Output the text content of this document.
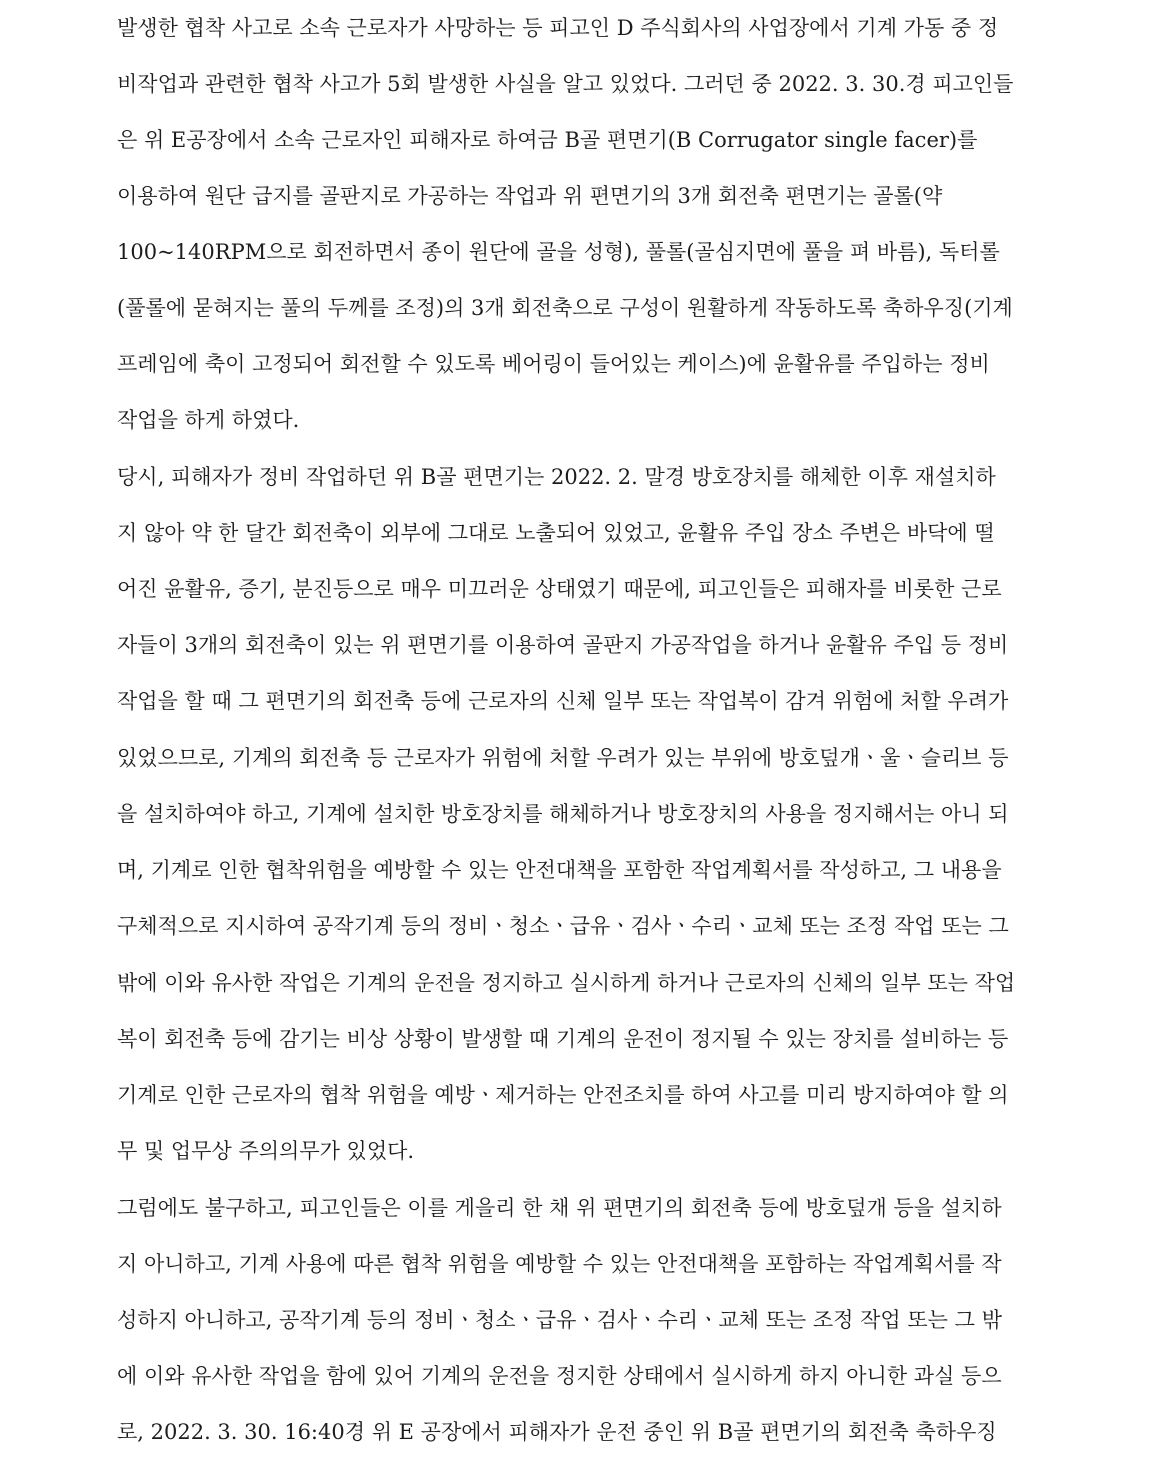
발생한 협착 사고로 소속 근로자가 사망하는 등 피고인 D 주식회사의 사업장에서 기계 가동 중 정
비작업과 관련한 협착 사고가 5회 발생한 사실을 알고 있었다. 그러던 중 2022. 3. 30.경 피고인들
은 위 E공장에서 소속 근로자인 피해자로 하여금 B골 편면기(B Corrugator single facer)를
이용하여 원단 급지를 골판지로 가공하는 작업과 위 편면기의 3개 회전축 편면기는 골롤(약
100~140RPM으로 회전하면서 종이 원단에 골을 성형), 풀롤(골심지면에 풀을 펴 바름), 독터롤
(풀롤에 묻혀지는 풀의 두께를 조정)의 3개 회전축으로 구성이 원활하게 작동하도록 축하우징(기계
프레임에 축이 고정되어 회전할 수 있도록 베어링이 들어있는 케이스)에 윤활유를 주입하는 정비
작업을 하게 하였다.
당시, 피해자가 정비 작업하던 위 B골 편면기는 2022. 2. 말경 방호장치를 해체한 이후 재설치하
지 않아 약 한 달간 회전축이 외부에 그대로 노출되어 있었고, 윤활유 주입 장소 주변은 바닥에 떨
어진 윤활유, 증기, 분진등으로 매우 미끄러운 상태였기 때문에, 피고인들은 피해자를 비롯한 근로
자들이 3개의 회전축이 있는 위 편면기를 이용하여 골판지 가공작업을 하거나 윤활유 주입 등 정비
작업을 할 때 그 편면기의 회전축 등에 근로자의 신체 일부 또는 작업복이 감겨 위험에 처할 우려가
있었으므로, 기계의 회전축 등 근로자가 위험에 처할 우려가 있는 부위에 방호덮개ㆍ울ㆍ슬리브 등
을 설치하여야 하고, 기계에 설치한 방호장치를 해체하거나 방호장치의 사용을 정지해서는 아니 되
며, 기계로 인한 협착위험을 예방할 수 있는 안전대책을 포함한 작업계획서를 작성하고, 그 내용을
구체적으로 지시하여 공작기계 등의 정비ㆍ청소ㆍ급유ㆍ검사ㆍ수리ㆍ교체 또는 조정 작업 또는 그
밖에 이와 유사한 작업은 기계의 운전을 정지하고 실시하게 하거나 근로자의 신체의 일부 또는 작업
복이 회전축 등에 감기는 비상 상황이 발생할 때 기계의 운전이 정지될 수 있는 장치를 설비하는 등
기계로 인한 근로자의 협착 위험을 예방ㆍ제거하는 안전조치를 하여 사고를 미리 방지하여야 할 의
무 및 업무상 주의의무가 있었다.
그럼에도 불구하고, 피고인들은 이를 게을리 한 채 위 편면기의 회전축 등에 방호덮개 등을 설치하
지 아니하고, 기계 사용에 따른 협착 위험을 예방할 수 있는 안전대책을 포함하는 작업계획서를 작
성하지 아니하고, 공작기계 등의 정비ㆍ청소ㆍ급유ㆍ검사ㆍ수리ㆍ교체 또는 조정 작업 또는 그 밖
에 이와 유사한 작업을 함에 있어 기계의 운전을 정지한 상태에서 실시하게 하지 아니한 과실 등으
로, 2022. 3. 30. 16:40경 위 E 공장에서 피해자가 운전 중인 위 B골 편면기의 회전축 축하우징
